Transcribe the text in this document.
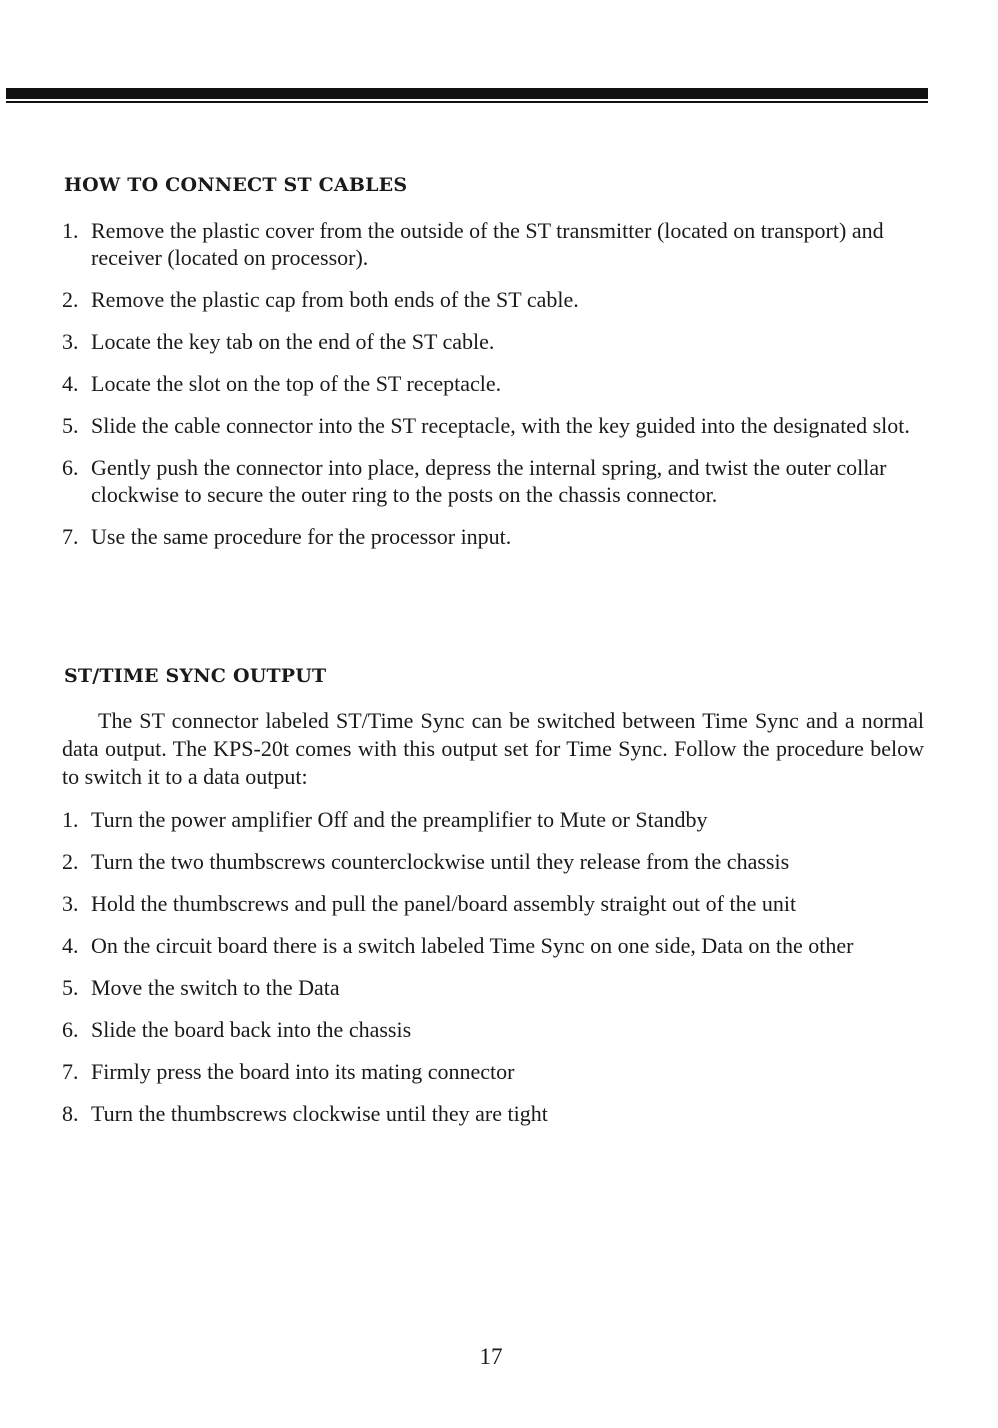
HOW TO CONNECT ST CABLES
1. Remove the plastic cover from the outside of the ST transmitter (located on transport) and receiver (located on processor).
2. Remove the plastic cap from both ends of the ST cable.
3. Locate the key tab on the end of the ST cable.
4. Locate the slot on the top of the ST receptacle.
5. Slide the cable connector into the ST receptacle, with the key guided into the designated slot.
6. Gently push the connector into place, depress the internal spring, and twist the outer collar clockwise to secure the outer ring to the posts on the chassis connector.
7. Use the same procedure for the processor input.
ST/TIME SYNC OUTPUT

The ST connector labeled ST/Time Sync can be switched between Time Sync and a normal data output. The KPS-20t comes with this output set for Time Sync. Follow the procedure below to switch it to a data output:

1. Turn the power amplifier Off and the preamplifier to Mute or Standby
2. Turn the two thumbscrews counterclockwise until they release from the chassis
3. Hold the thumbscrews and pull the panel/board assembly straight out of the unit
4. On the circuit board there is a switch labeled Time Sync on one side, Data on the other
5. Move the switch to the Data
6. Slide the board back into the chassis
7. Firmly press the board into its mating connector
8. Turn the thumbscrews clockwise until they are tight

17
